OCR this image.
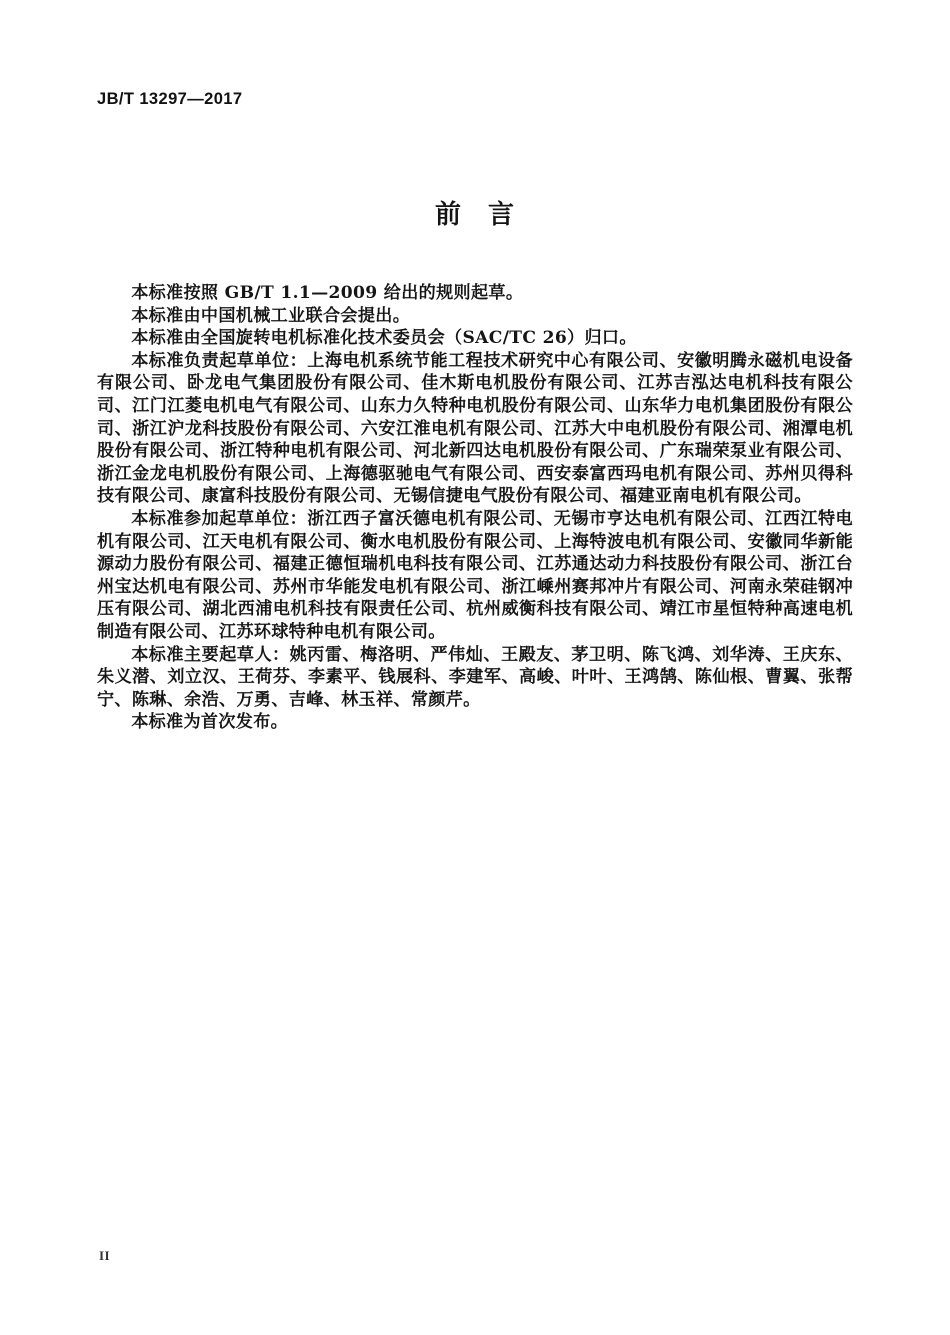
JB/T 13297—2017
前 言

本标准按照 GB/T 1.1—2009 给出的规则起草。

本标准由中国机械工业联合会提出。

本标准由全国旋转电机标准化技术委员会（SAC/TC 26）归口。

本标准负责起草单位：上海电机系统节能工程技术研究中心有限公司、安徽明腾永磁机电设备有限公司、卧龙电气集团股份有限公司、佳木斯电机股份有限公司、江苏吉泓达电机科技有限公司、江门江菱电机电气有限公司、山东力久特种电机股份有限公司、山东华力电机集团股份有限公司、浙江沪龙科技股份有限公司、六安江淮电机有限公司、江苏大中电机股份有限公司、湘潭电机股份有限公司、浙江特种电机有限公司、河北新四达电机股份有限公司、广东瑞荣泵业有限公司、浙江金龙电机股份有限公司、上海德驱驰电气有限公司、西安泰富西玛电机有限公司、苏州贝得科技有限公司、康富科技股份有限公司、无锡信捷电气股份有限公司、福建亚南电机有限公司。

本标准参加起草单位：浙江西子富沃德电机有限公司、无锡市亨达电机有限公司、江西江特电机有限公司、江天电机有限公司、衡水电机股份有限公司、上海特波电机有限公司、安徽同华新能源动力股份有限公司、福建正德恒瑞机电科技有限公司、江苏通达动力科技股份有限公司、浙江台州宝达机电有限公司、苏州市华能发电机有限公司、浙江嵊州赛邦冲片有限公司、河南永荣硅钢冲压有限公司、湖北西浦电机科技有限责任公司、杭州威衡科技有限公司、靖江市星恒特种高速电机制造有限公司、江苏环球特种电机有限公司。

本标准主要起草人：姚丙雷、梅洛明、严伟灿、王殿友、茅卫明、陈飞鸿、刘华涛、王庆东、朱义潜、刘立汉、王荷芬、李素平、钱展科、李建军、高峻、叶叶、王鸿鹄、陈仙根、曹翼、张帮宁、陈琳、余浩、万勇、吉峰、林玉祥、常颜芹。

本标准为首次发布。

II
